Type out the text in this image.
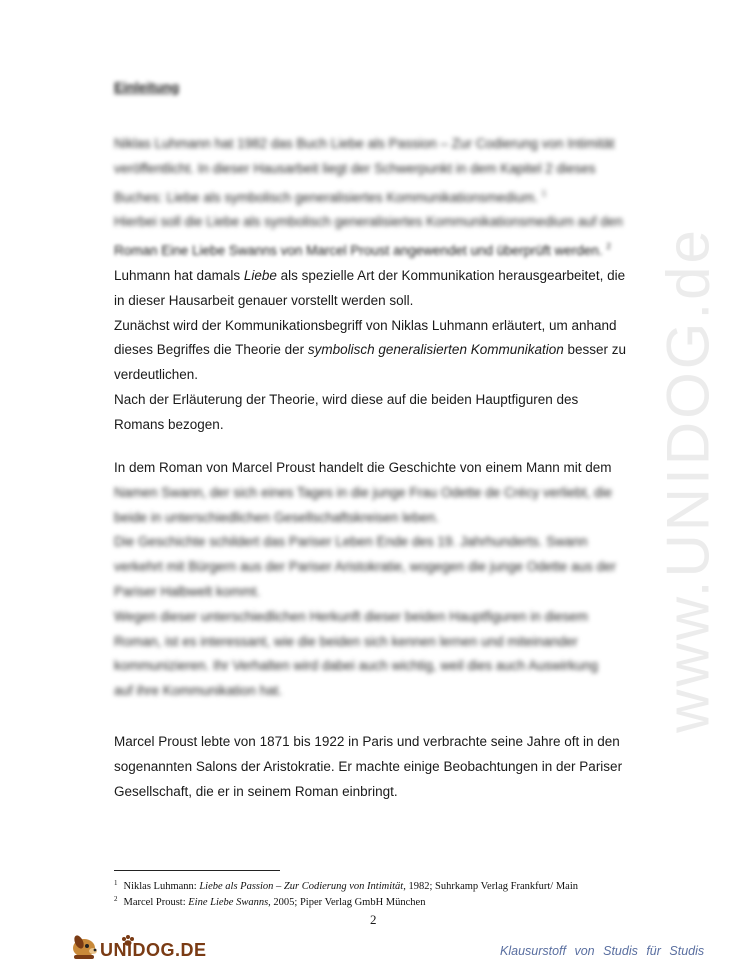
www.UNIDOG.de
Einleitung
Niklas Luhmann hat 1982 das Buch Liebe als Passion – Zur Codierung von Intimität
veröffentlicht. In dieser Hausarbeit liegt der Schwerpunkt in dem Kapitel 2 dieses
Buches: Liebe als symbolisch generalisiertes Kommunikationsmedium. $^1$
Hierbei soll die Liebe als symbolisch generalisiertes Kommunikationsmedium auf den
Roman Eine Liebe Swanns von Marcel Proust angewendet und überprüft werden. $^2$
Luhmann hat damals Liebe als spezielle Art der Kommunikation herausgearbeitet, die
in dieser Hausarbeit genauer vorstellt werden soll.
Zunächst wird der Kommunikationsbegriff von Niklas Luhmann erläutert, um anhand
dieses Begriffes die Theorie der symbolisch generalisierten Kommunikation besser zu
verdeutlichen.
Nach der Erläuterung der Theorie, wird diese auf die beiden Hauptfiguren des
Romans bezogen.
In dem Roman von Marcel Proust handelt die Geschichte von einem Mann mit dem
Namen Swann, der sich eines Tages in die junge Frau Odette de Crécy verliebt, die
beide in unterschiedlichen Gesellschaftskreisen leben.
Die Geschichte schildert das Pariser Leben Ende des 19. Jahrhunderts. Swann
verkehrt mit Bürgern aus der Pariser Aristokratie, wogegen die junge Odette aus der
Pariser Halbwelt kommt.
Wegen dieser unterschiedlichen Herkunft dieser beiden Hauptfiguren in diesem
Roman, ist es interessant, wie die beiden sich kennen lernen und miteinander
kommunizieren. Ihr Verhalten wird dabei auch wichtig, weil dies auch Auswirkung
auf ihre Kommunikation hat.
Marcel Proust lebte von 1871 bis 1922 in Paris und verbrachte seine Jahre oft in den
sogenannten Salons der Aristokratie. Er machte einige Beobachtungen in der Pariser
Gesellschaft, die er in seinem Roman einbringt.
$^1$ Niklas Luhmann: Liebe als Passion – Zur Codierung von Intimität, 1982; Suhrkamp Verlag Frankfurt/ Main
$^2$ Marcel Proust: Eine Liebe Swanns, 2005; Piper Verlag GmbH München
2
UNIDOG.DE	Klausurstoff von Studis für Studis
